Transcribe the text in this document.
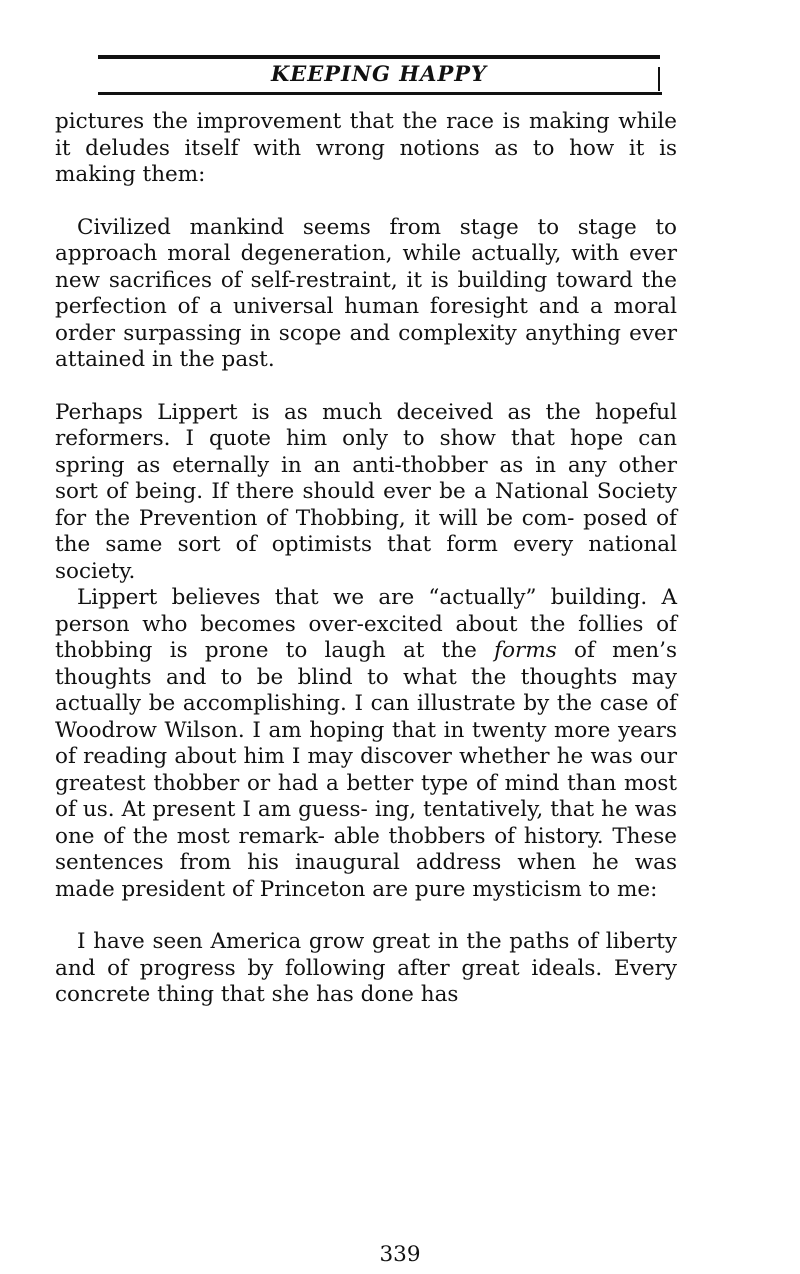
KEEPING HAPPY

pictures the improvement that the race is making while it deludes itself with wrong notions as to how it is making them:

Civilized mankind seems from stage to stage to approach moral degeneration, while actually, with ever new sacrifices of self-restraint, it is building toward the perfection of a universal human foresight and a moral order surpassing in scope and complexity anything ever attained in the past.

Perhaps Lippert is as much deceived as the hopeful reformers. I quote him only to show that hope can spring as eternally in an anti-thobber as in any other sort of being. If there should ever be a National Society for the Prevention of Thobbing, it will be com- posed of the same sort of optimists that form every national society.

Lippert believes that we are “actually” building. A person who becomes over-excited about the follies of thobbing is prone to laugh at the forms of men’s thoughts and to be blind to what the thoughts may actually be accomplishing. I can illustrate by the case of Woodrow Wilson. I am hoping that in twenty more years of reading about him I may discover whether he was our greatest thobber or had a better type of mind than most of us. At present I am guess- ing, tentatively, that he was one of the most remark- able thobbers of history. These sentences from his inaugural address when he was made president of Princeton are pure mysticism to me:

I have seen America grow great in the paths of liberty and of progress by following after great ideals. Every concrete thing that she has done has

339
